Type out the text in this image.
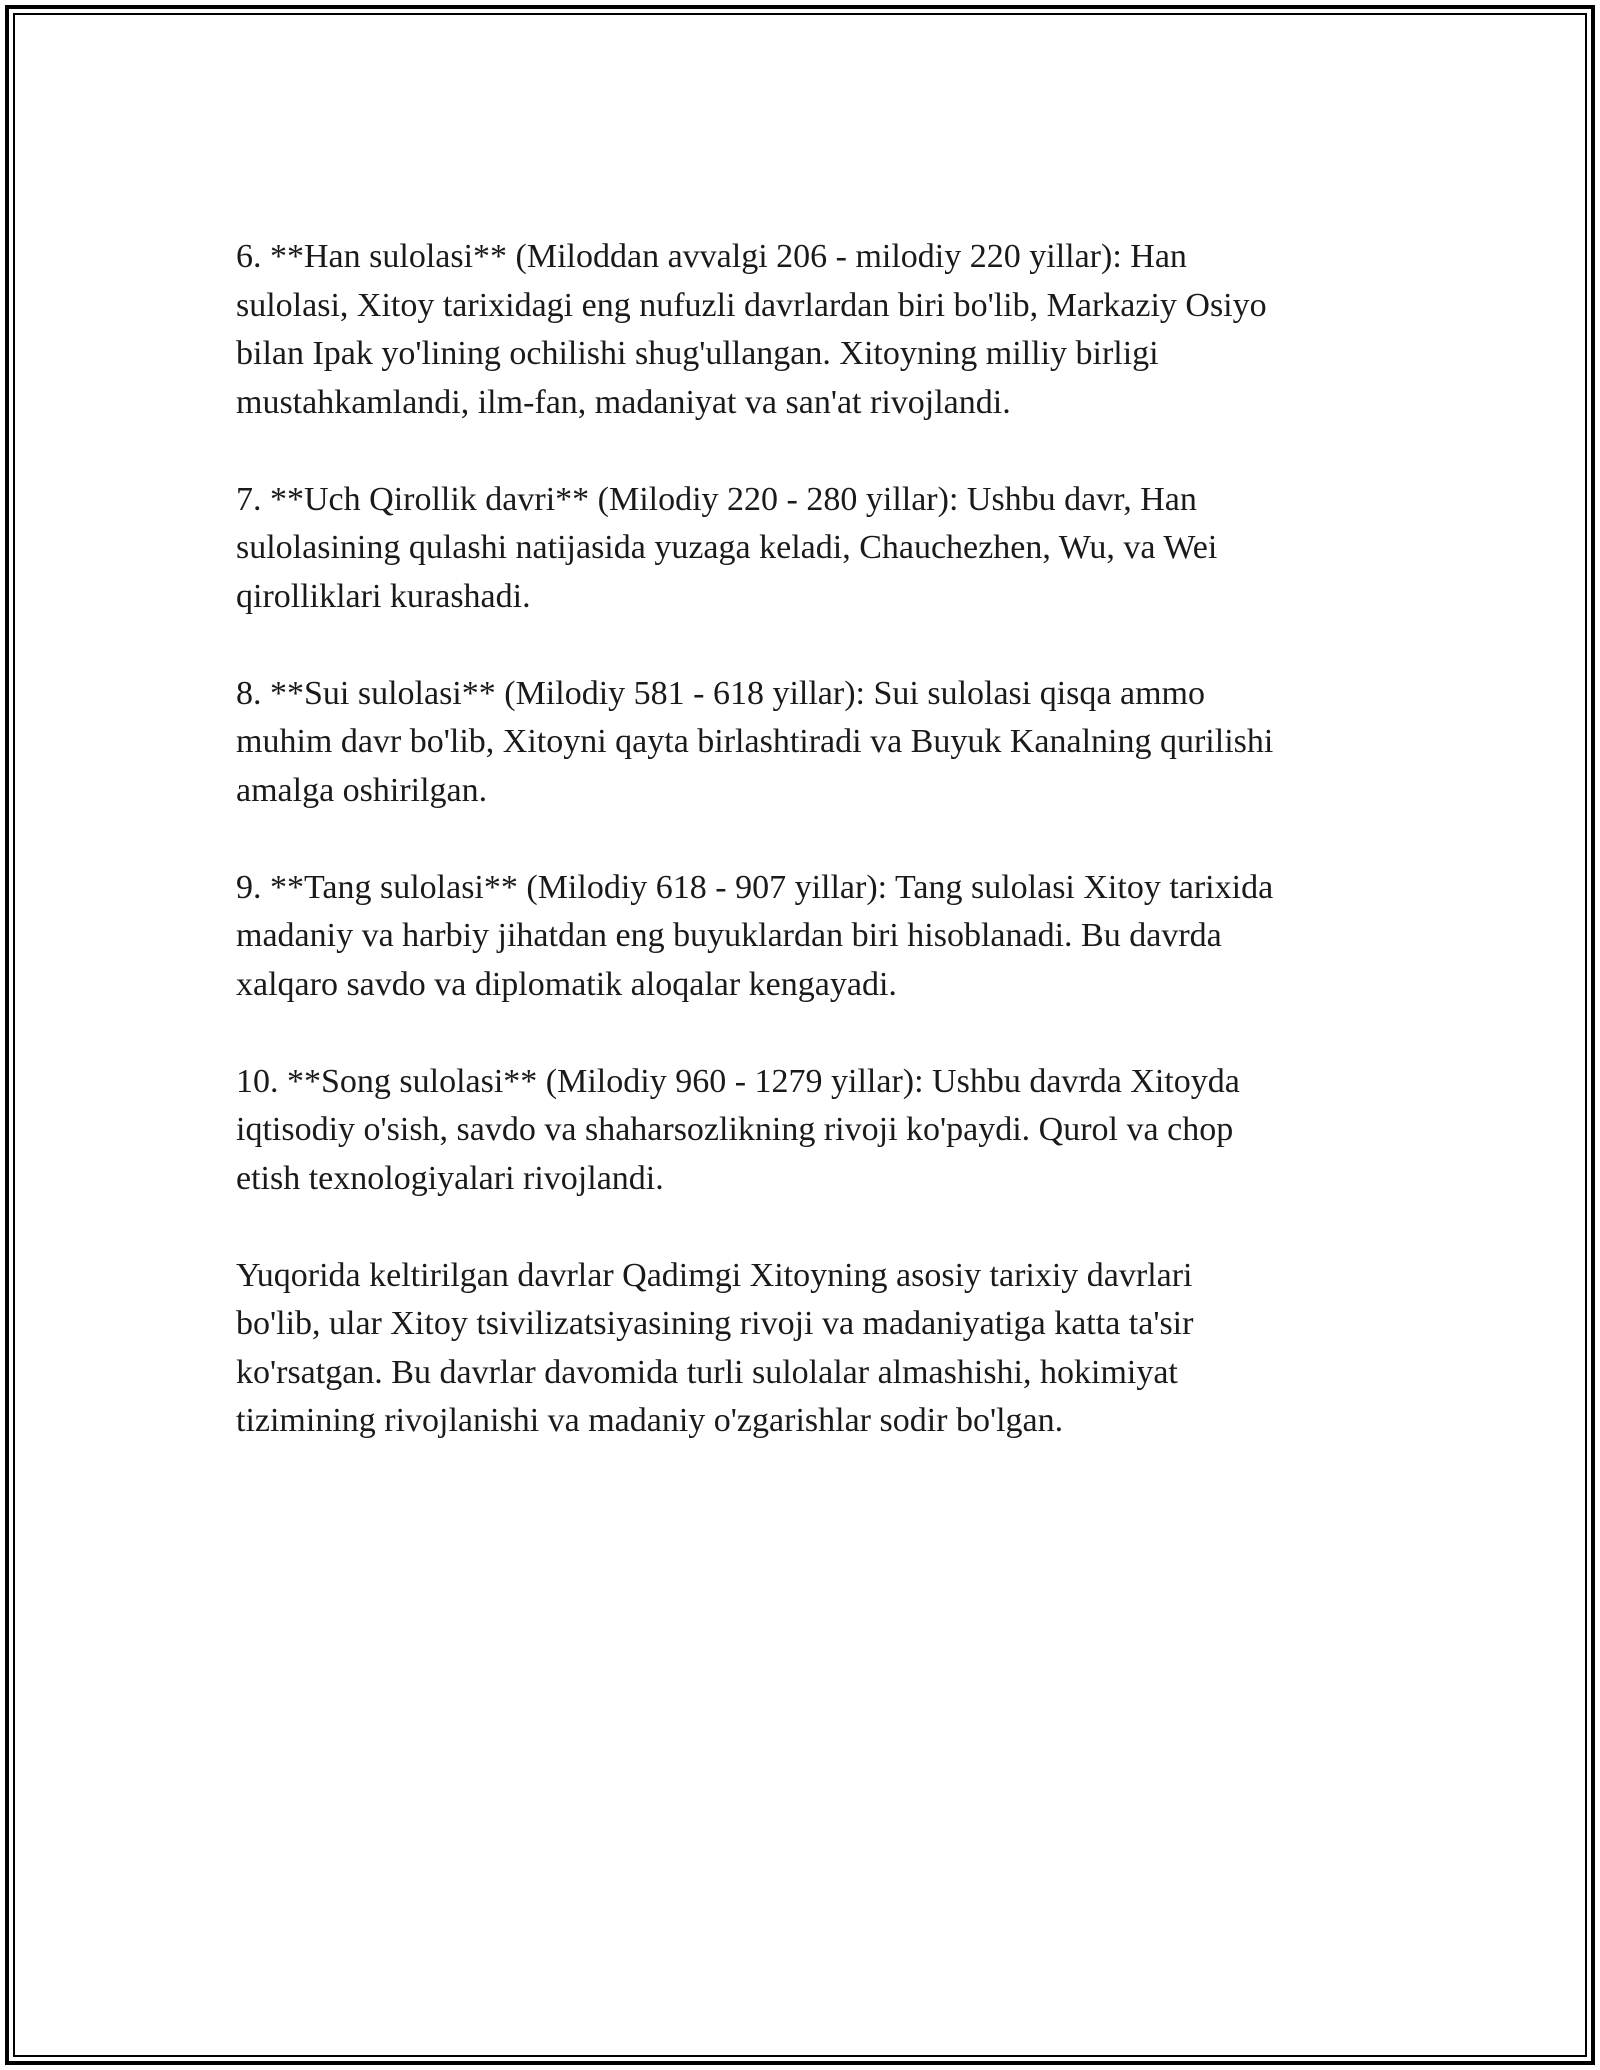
6. **Han sulolasi** (Miloddan avvalgi 206 - milodiy 220 yillar): Han
sulolasi, Xitoy tarixidagi eng nufuzli davrlardan biri bo'lib, Markaziy Osiyo
bilan Ipak yo'lining ochilishi shug'ullangan. Xitoyning milliy birligi
mustahkamlandi, ilm-fan, madaniyat va san'at rivojlandi.

7. **Uch Qirollik davri** (Milodiy 220 - 280 yillar): Ushbu davr, Han
sulolasining qulashi natijasida yuzaga keladi, Chauchezhen, Wu, va Wei
qirolliklari kurashadi.

8. **Sui sulolasi** (Milodiy 581 - 618 yillar): Sui sulolasi qisqa ammo
muhim davr bo'lib, Xitoyni qayta birlashtiradi va Buyuk Kanalning qurilishi
amalga oshirilgan.

9. **Tang sulolasi** (Milodiy 618 - 907 yillar): Tang sulolasi Xitoy tarixida
madaniy va harbiy jihatdan eng buyuklardan biri hisoblanadi. Bu davrda
xalqaro savdo va diplomatik aloqalar kengayadi.

10. **Song sulolasi** (Milodiy 960 - 1279 yillar): Ushbu davrda Xitoyda
iqtisodiy o'sish, savdo va shaharsozlikning rivoji ko'paydi. Qurol va chop
etish texnologiyalari rivojlandi.

Yuqorida keltirilgan davrlar Qadimgi Xitoyning asosiy tarixiy davrlari
bo'lib, ular Xitoy tsivilizatsiyasining rivoji va madaniyatiga katta ta'sir
ko'rsatgan. Bu davrlar davomida turli sulolalar almashishi, hokimiyat
tizimining rivojlanishi va madaniy o'zgarishlar sodir bo'lgan.
